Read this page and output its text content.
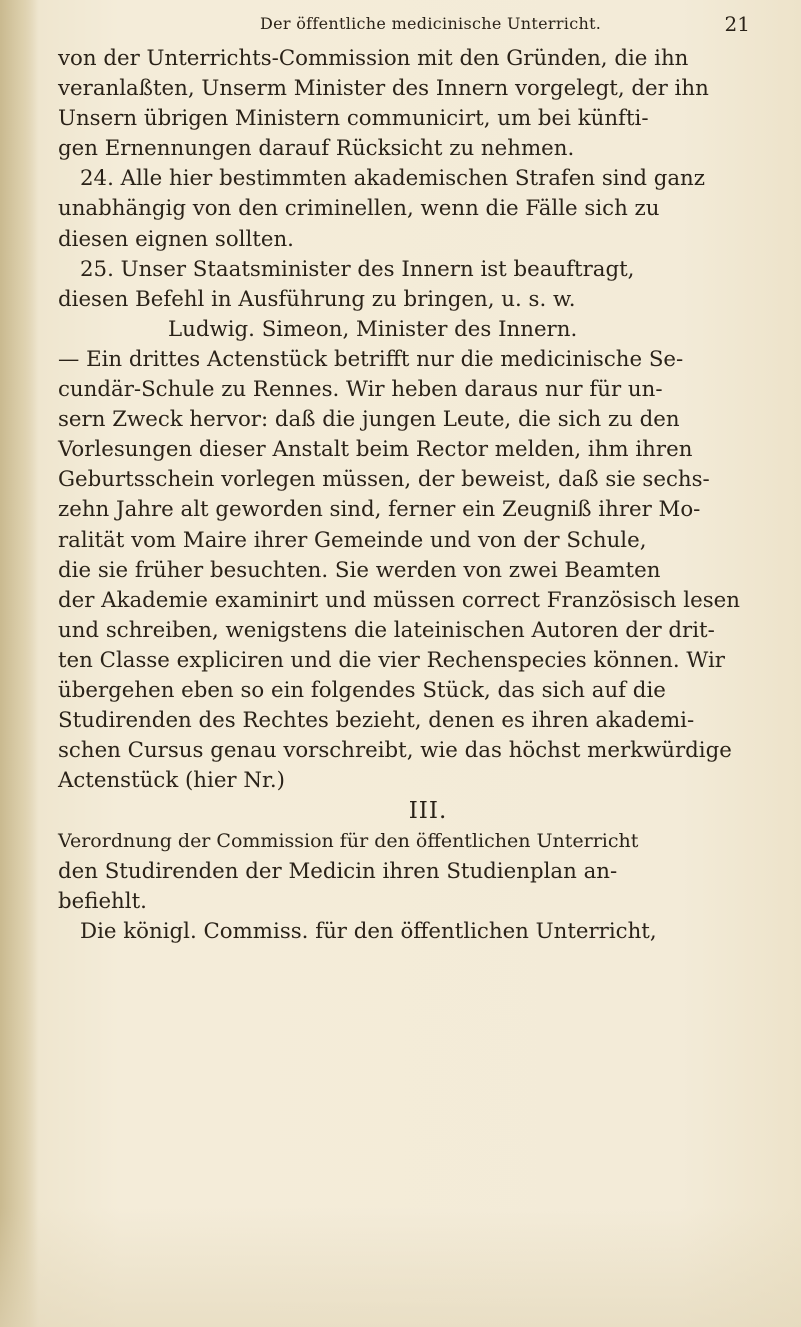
Der öffentliche medicinische Unterricht.	21
von der Unterrichts-Commission mit den Gründen, die ihn
veranlaßten, Unserm Minister des Innern vorgelegt, der ihn
Unsern übrigen Ministern communicirt, um bei künfti-
gen Ernennungen darauf Rücksicht zu nehmen.
24. Alle hier bestimmten akademischen Strafen sind ganz
unabhängig von den criminellen, wenn die Fälle sich zu
diesen eignen sollten.
25. Unser Staatsminister des Innern ist beauftragt,
diesen Befehl in Ausführung zu bringen, u. s. w.
Ludwig. Simeon, Minister des Innern.
— Ein drittes Actenstück betrifft nur die medicinische Se-
cundär-Schule zu Rennes. Wir heben daraus nur für un-
sern Zweck hervor: daß die jungen Leute, die sich zu den
Vorlesungen dieser Anstalt beim Rector melden, ihm ihren
Geburtsschein vorlegen müssen, der beweist, daß sie sechs-
zehn Jahre alt geworden sind, ferner ein Zeugniß ihrer Mo-
ralität vom Maire ihrer Gemeinde und von der Schule,
die sie früher besuchten. Sie werden von zwei Beamten
der Akademie examinirt und müssen correct Französisch lesen
und schreiben, wenigstens die lateinischen Autoren der drit-
ten Classe expliciren und die vier Rechenspecies können. Wir
übergehen eben so ein folgendes Stück, das sich auf die
Studirenden des Rechtes bezieht, denen es ihren akademi-
schen Cursus genau vorschreibt, wie das höchst merkwürdige
Actenstück (hier Nr.)
III.
Verordnung der Commission für den öffentlichen Unterricht
den Studirenden der Medicin ihren Studienplan an-
befiehlt.
Die königl. Commiss. für den öffentlichen Unterricht,
